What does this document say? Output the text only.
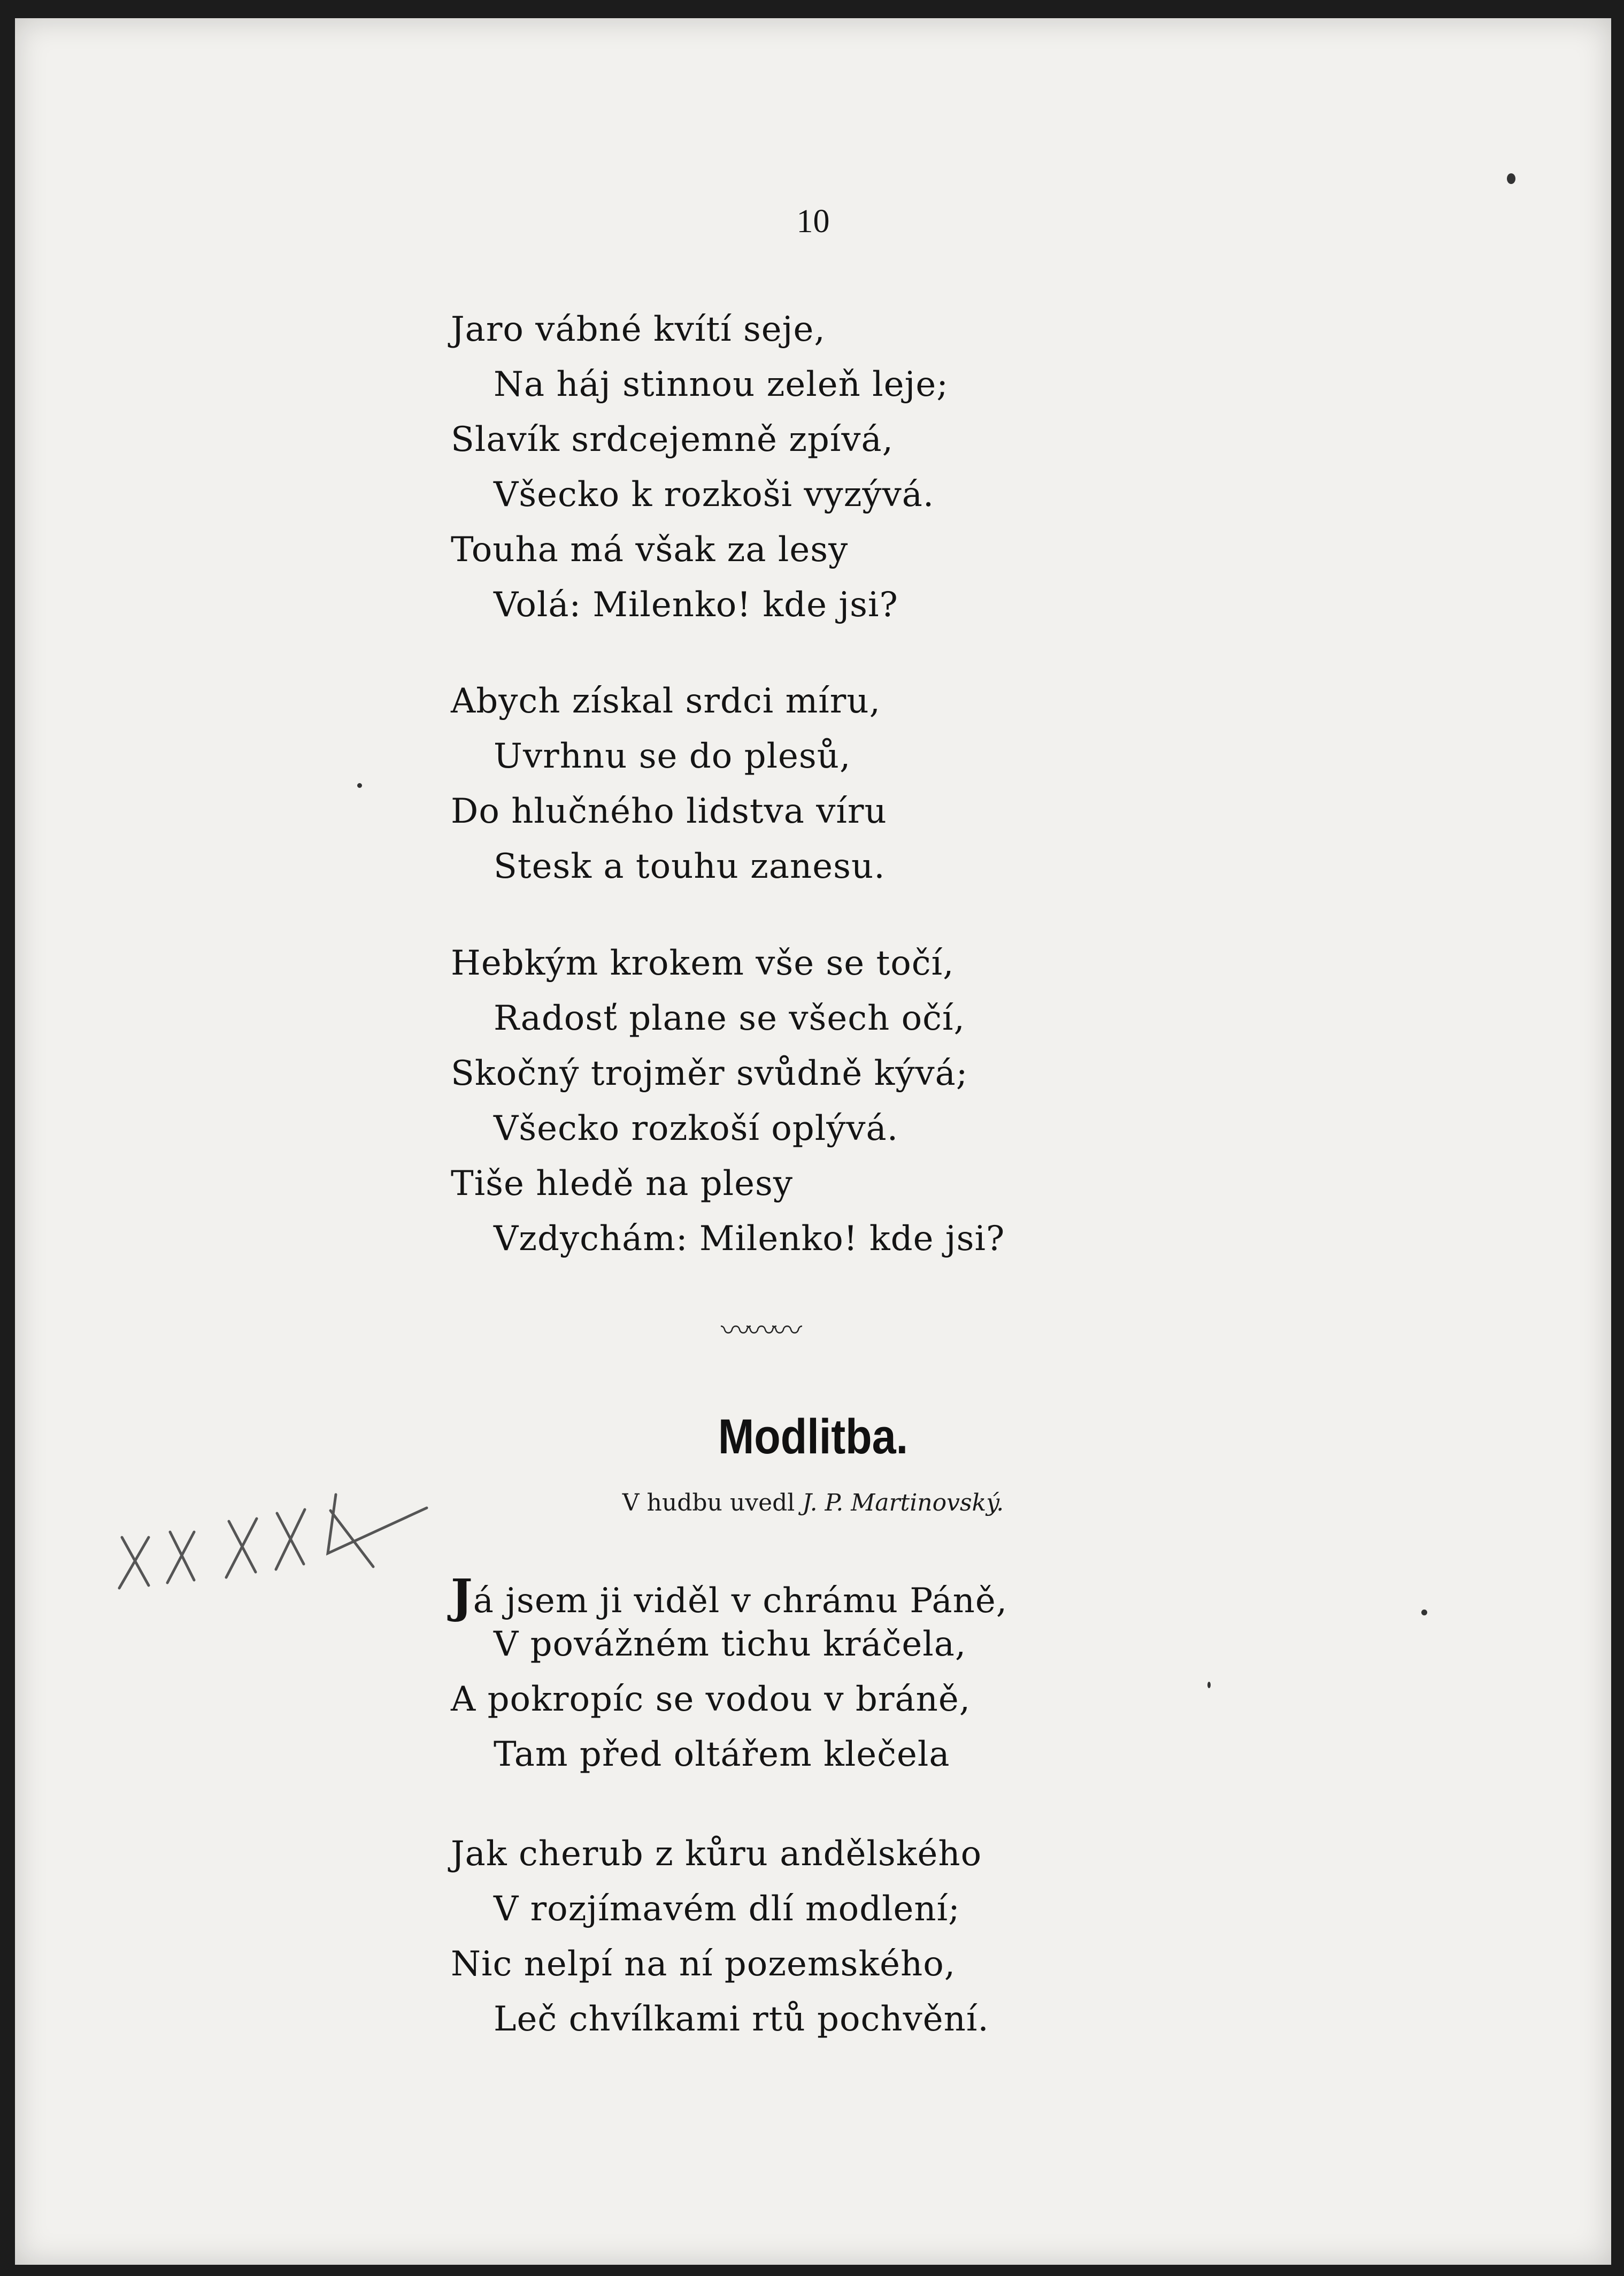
10
Jaro vábné kvítí seje,
Na háj stinnou zeleň leje;
Slavík srdcejemně zpívá,
Všecko k rozkoši vyzývá.
Touha má však za lesy
Volá: Milenko! kde jsi?
Abych získal srdci míru,
Uvrhnu se do plesů,
Do hlučného lidstva víru
Stesk a touhu zanesu.
Hebkým krokem vše se točí,
Radosť plane se všech očí,
Skočný trojměr svůdně kývá;
Všecko rozkoší oplývá.
Tiše hledě na plesy
Vzdychám: Milenko! kde jsi?
〰〰〰
Modlitba.
V hudbu uvedl J. P. Martinovský.
Já jsem ji viděl v chrámu Páně,
V povážném tichu kráčela,
A pokropíc se vodou v bráně,
Tam před oltářem klečela
Jak cherub z kůru andělského
V rozjímavém dlí modlení;
Nic nelpí na ní pozemského,
Leč chvílkami rtů pochvění.
